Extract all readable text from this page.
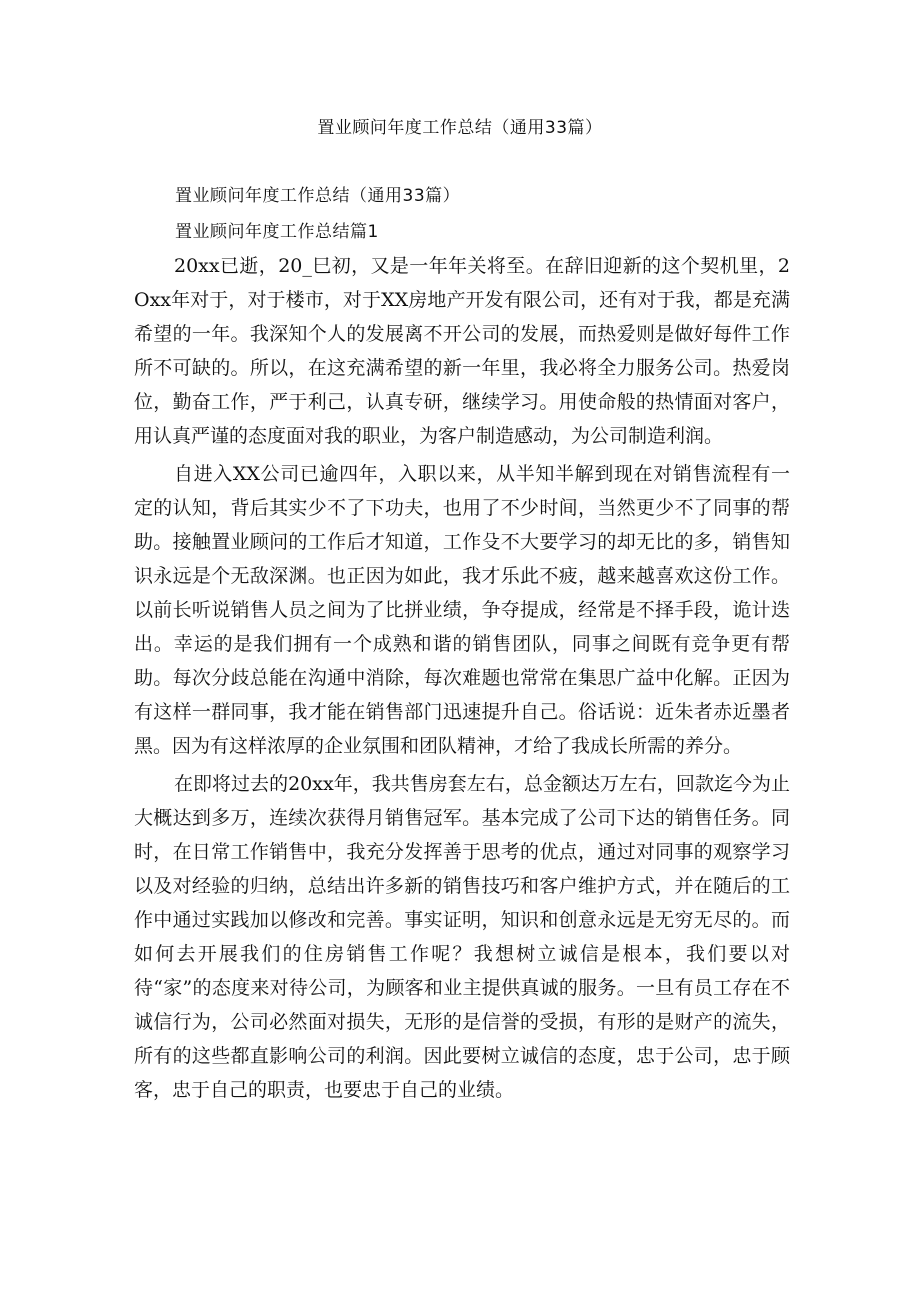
置业顾问年度工作总结（通用33篇）
置业顾问年度工作总结（通用33篇）
置业顾问年度工作总结篇1

20xx已逝，20_巳初，又是一年年关将至。在辞旧迎新的这个契机里，2Oxx年对于，对于楼市，对于XX房地产开发有限公司，还有对于我，都是充满希望的一年。我深知个人的发展离不开公司的发展，而热爱则是做好每件工作所不可缺的。所以，在这充满希望的新一年里，我必将全力服务公司。热爱岗位，勤奋工作，严于利己，认真专研，继续学习。用使命般的热情面对客户，用认真严谨的态度面对我的职业，为客户制造感动，为公司制造利润。

自进入XX公司已逾四年，入职以来，从半知半解到现在对销售流程有一定的认知，背后其实少不了下功夫，也用了不少时间，当然更少不了同事的帮助。接触置业顾问的工作后才知道，工作殳不大要学习的却无比的多，销售知识永远是个无敌深渊。也正因为如此，我才乐此不疲，越来越喜欢这份工作。以前长听说销售人员之间为了比拼业绩，争夺提成，经常是不择手段，诡计迭出。幸运的是我们拥有一个成熟和谐的销售团队，同事之间既有竞争更有帮助。每次分歧总能在沟通中消除，每次难题也常常在集思广益中化解。正因为有这样一群同事，我才能在销售部门迅速提升自己。俗话说：近朱者赤近墨者黑。因为有这样浓厚的企业氛围和团队精神，才给了我成长所需的养分。

在即将过去的20xx年，我共售房套左右，总金额达万左右，回款迄今为止大概达到多万，连续次获得月销售冠军。基本完成了公司下达的销售任务。同时，在日常工作销售中，我充分发挥善于思考的优点，通过对同事的观察学习以及对经验的归纳，总结出许多新的销售技巧和客户维护方式，并在随后的工作中通过实践加以修改和完善。事实证明，知识和创意永远是无穷无尽的。而如何去开展我们的住房销售工作呢？我想树立诚信是根本，我们要以对待“家”的态度来对待公司，为顾客和业主提供真诚的服务。一旦有员工存在不诚信行为，公司必然面对损失，无形的是信誉的受损，有形的是财产的流失，所有的这些都直影响公司的利润。因此要树立诚信的态度，忠于公司，忠于顾客，忠于自己的职责，也要忠于自己的业绩。
